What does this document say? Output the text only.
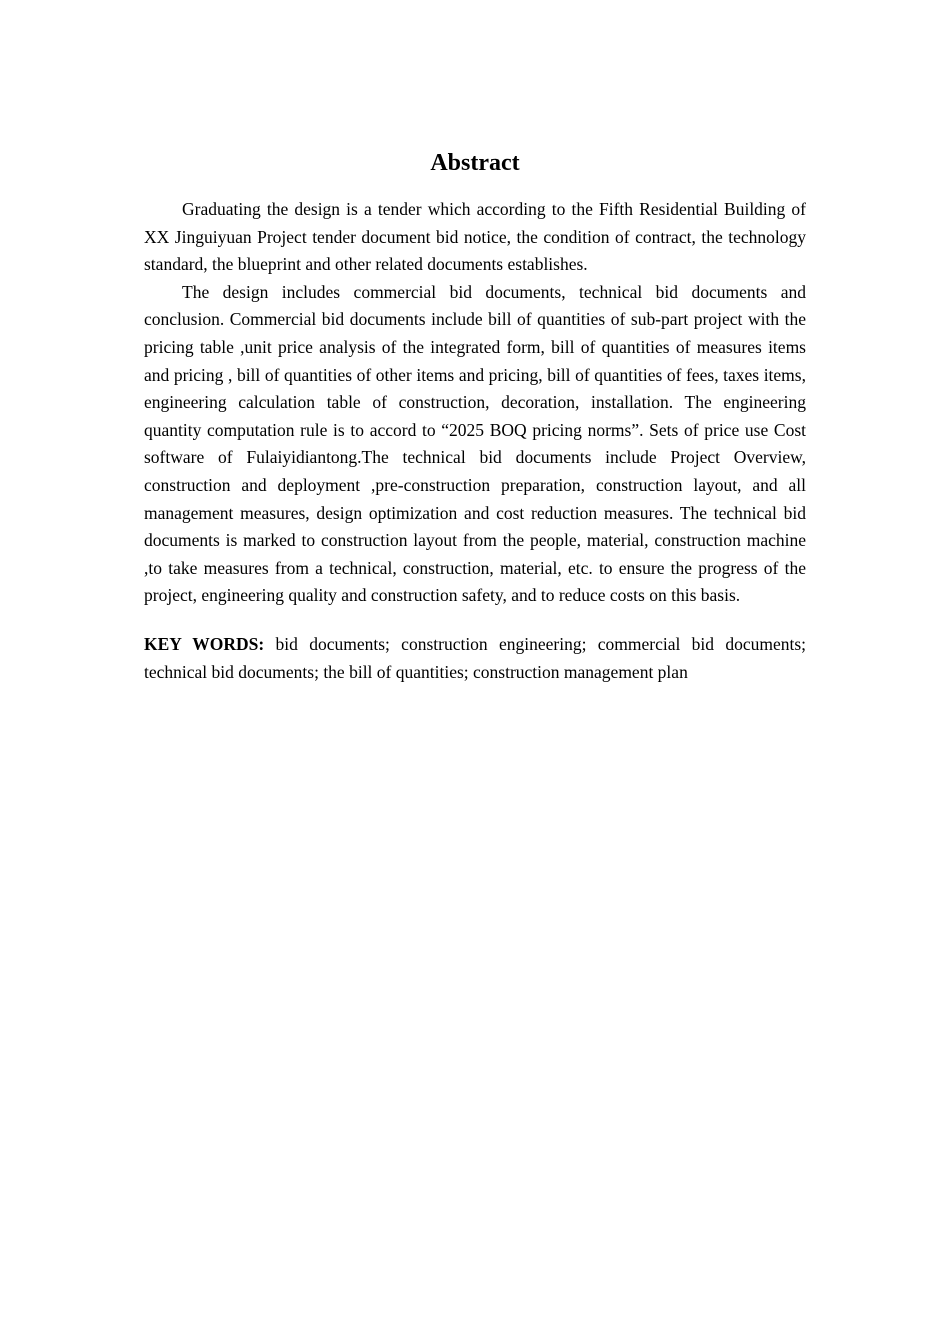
Abstract

Graduating the design is a tender which according to the Fifth Residential Building of XX Jinguiyuan Project tender document bid notice, the condition of contract, the technology standard, the blueprint and other related documents establishes.

The design includes commercial bid documents, technical bid documents and conclusion. Commercial bid documents include bill of quantities of sub-part project with the pricing table ,unit price analysis of the integrated form, bill of quantities of measures items and pricing , bill of quantities of other items and pricing, bill of quantities of fees, taxes items, engineering calculation table of construction, decoration, installation. The engineering quantity computation rule is to accord to “2025 BOQ pricing norms”. Sets of price use Cost software of Fulaiyidiantong.The technical bid documents include Project Overview, construction and deployment ,pre-construction preparation, construction layout, and all management measures, design optimization and cost reduction measures. The technical bid documents is marked to construction layout from the people, material, construction machine ,to take measures from a technical, construction, material, etc. to ensure the progress of the project, engineering quality and construction safety, and to reduce costs on this basis.

KEY WORDS: bid documents; construction engineering; commercial bid documents; technical bid documents; the bill of quantities; construction management plan
